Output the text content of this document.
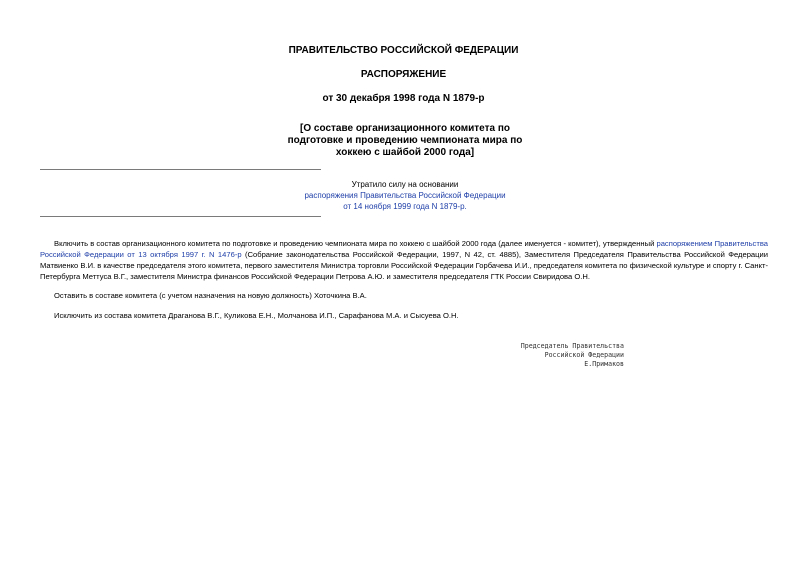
ПРАВИТЕЛЬСТВО РОССИЙСКОЙ ФЕДЕРАЦИИ
РАСПОРЯЖЕНИЕ
от 30 декабря 1998 года N 1879-р
[О составе организационного комитета по
подготовке и проведению чемпионата мира по
хоккею с шайбой 2000 года]
Утратило силу на основании
распоряжения Правительства Российской Федерации
от 14 ноября 1999 года N 1879-р.
Включить в состав организационного комитета по подготовке и проведению чемпионата мира по хоккею с шайбой 2000 года (далее именуется - комитет), утвержденный распоряжением Правительства Российской Федерации от 13 октября 1997 г. N 1476-р (Собрание законодательства Российской Федерации, 1997, N 42, ст. 4885), Заместителя Председателя Правительства Российской Федерации Матвиенко В.И. в качестве председателя этого комитета, первого заместителя Министра торговли Российской Федерации Горбачева И.И., председателя комитета по физической культуре и спорту г. Санкт-Петербурга Меттуса В.Г., заместителя Министра финансов Российской Федерации Петрова А.Ю. и заместителя председателя ГТК России Свиридова О.Н.
Оставить в составе комитета (с учетом назначения на новую должность) Хоточкина В.А.
Исключить из состава комитета Драганова В.Г., Куликова Е.Н., Молчанова И.П., Сарафанова М.А. и Сысуева О.Н.
Председатель Правительства
Российской Федерации
Е.Примаков
